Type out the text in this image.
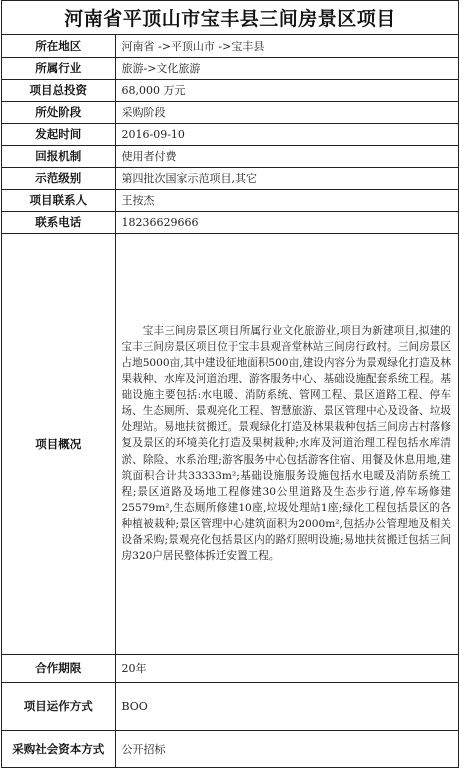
河南省平顶山市宝丰县三间房景区项目
所在地区	河南省 ->平顶山市 ->宝丰县
所属行业	旅游->文化旅游
项目总投资	68,000 万元
所处阶段	采购阶段
发起时间	2016-09-10
回报机制	使用者付费
示范级别	第四批次国家示范项目,其它
项目联系人	王按杰
联系电话	18236629666
项目概况	宝丰三间房景区项目所属行业文化旅游业,项目为新建项目,拟建的宝丰三间房景区项目位于宝丰县观音堂林站三间房行政村。三间房景区占地5000亩,其中建设征地面积500亩,建设内容分为景观绿化打造及林果栽种、水库及河道治理、游客服务中心、基础设施配套系统工程。基础设施主要包括:水电暖、消防系统、管网工程、景区道路工程、停车场、生态厕所、景观亮化工程、智慧旅游、景区管理中心及设备、垃圾处理站。易地扶贫搬迁。景观绿化打造及林果栽种包括三间房古村落修复及景区的环境美化打造及果树栽种;水库及河道治理工程包括水库清淤、除险、水系治理;游客服务中心包括游客住宿、用餐及休息用地,建筑面积合计共33333m²;基础设施服务设施包括水电暖及消防系统工程;景区道路及场地工程修建30公里道路及生态步行道,停车场修建25579m²,生态厕所修建10座,垃圾处理站1座;绿化工程包括景区的各种植被栽种;景区管理中心建筑面积为2000m²,包括办公管理地及相关设备采购;景观亮化包括景区内的路灯照明设施;易地扶贫搬迁包括三间房320户居民整体拆迁安置工程。
合作期限	20年
项目运作方式	BOO
采购社会资本方式	公开招标
